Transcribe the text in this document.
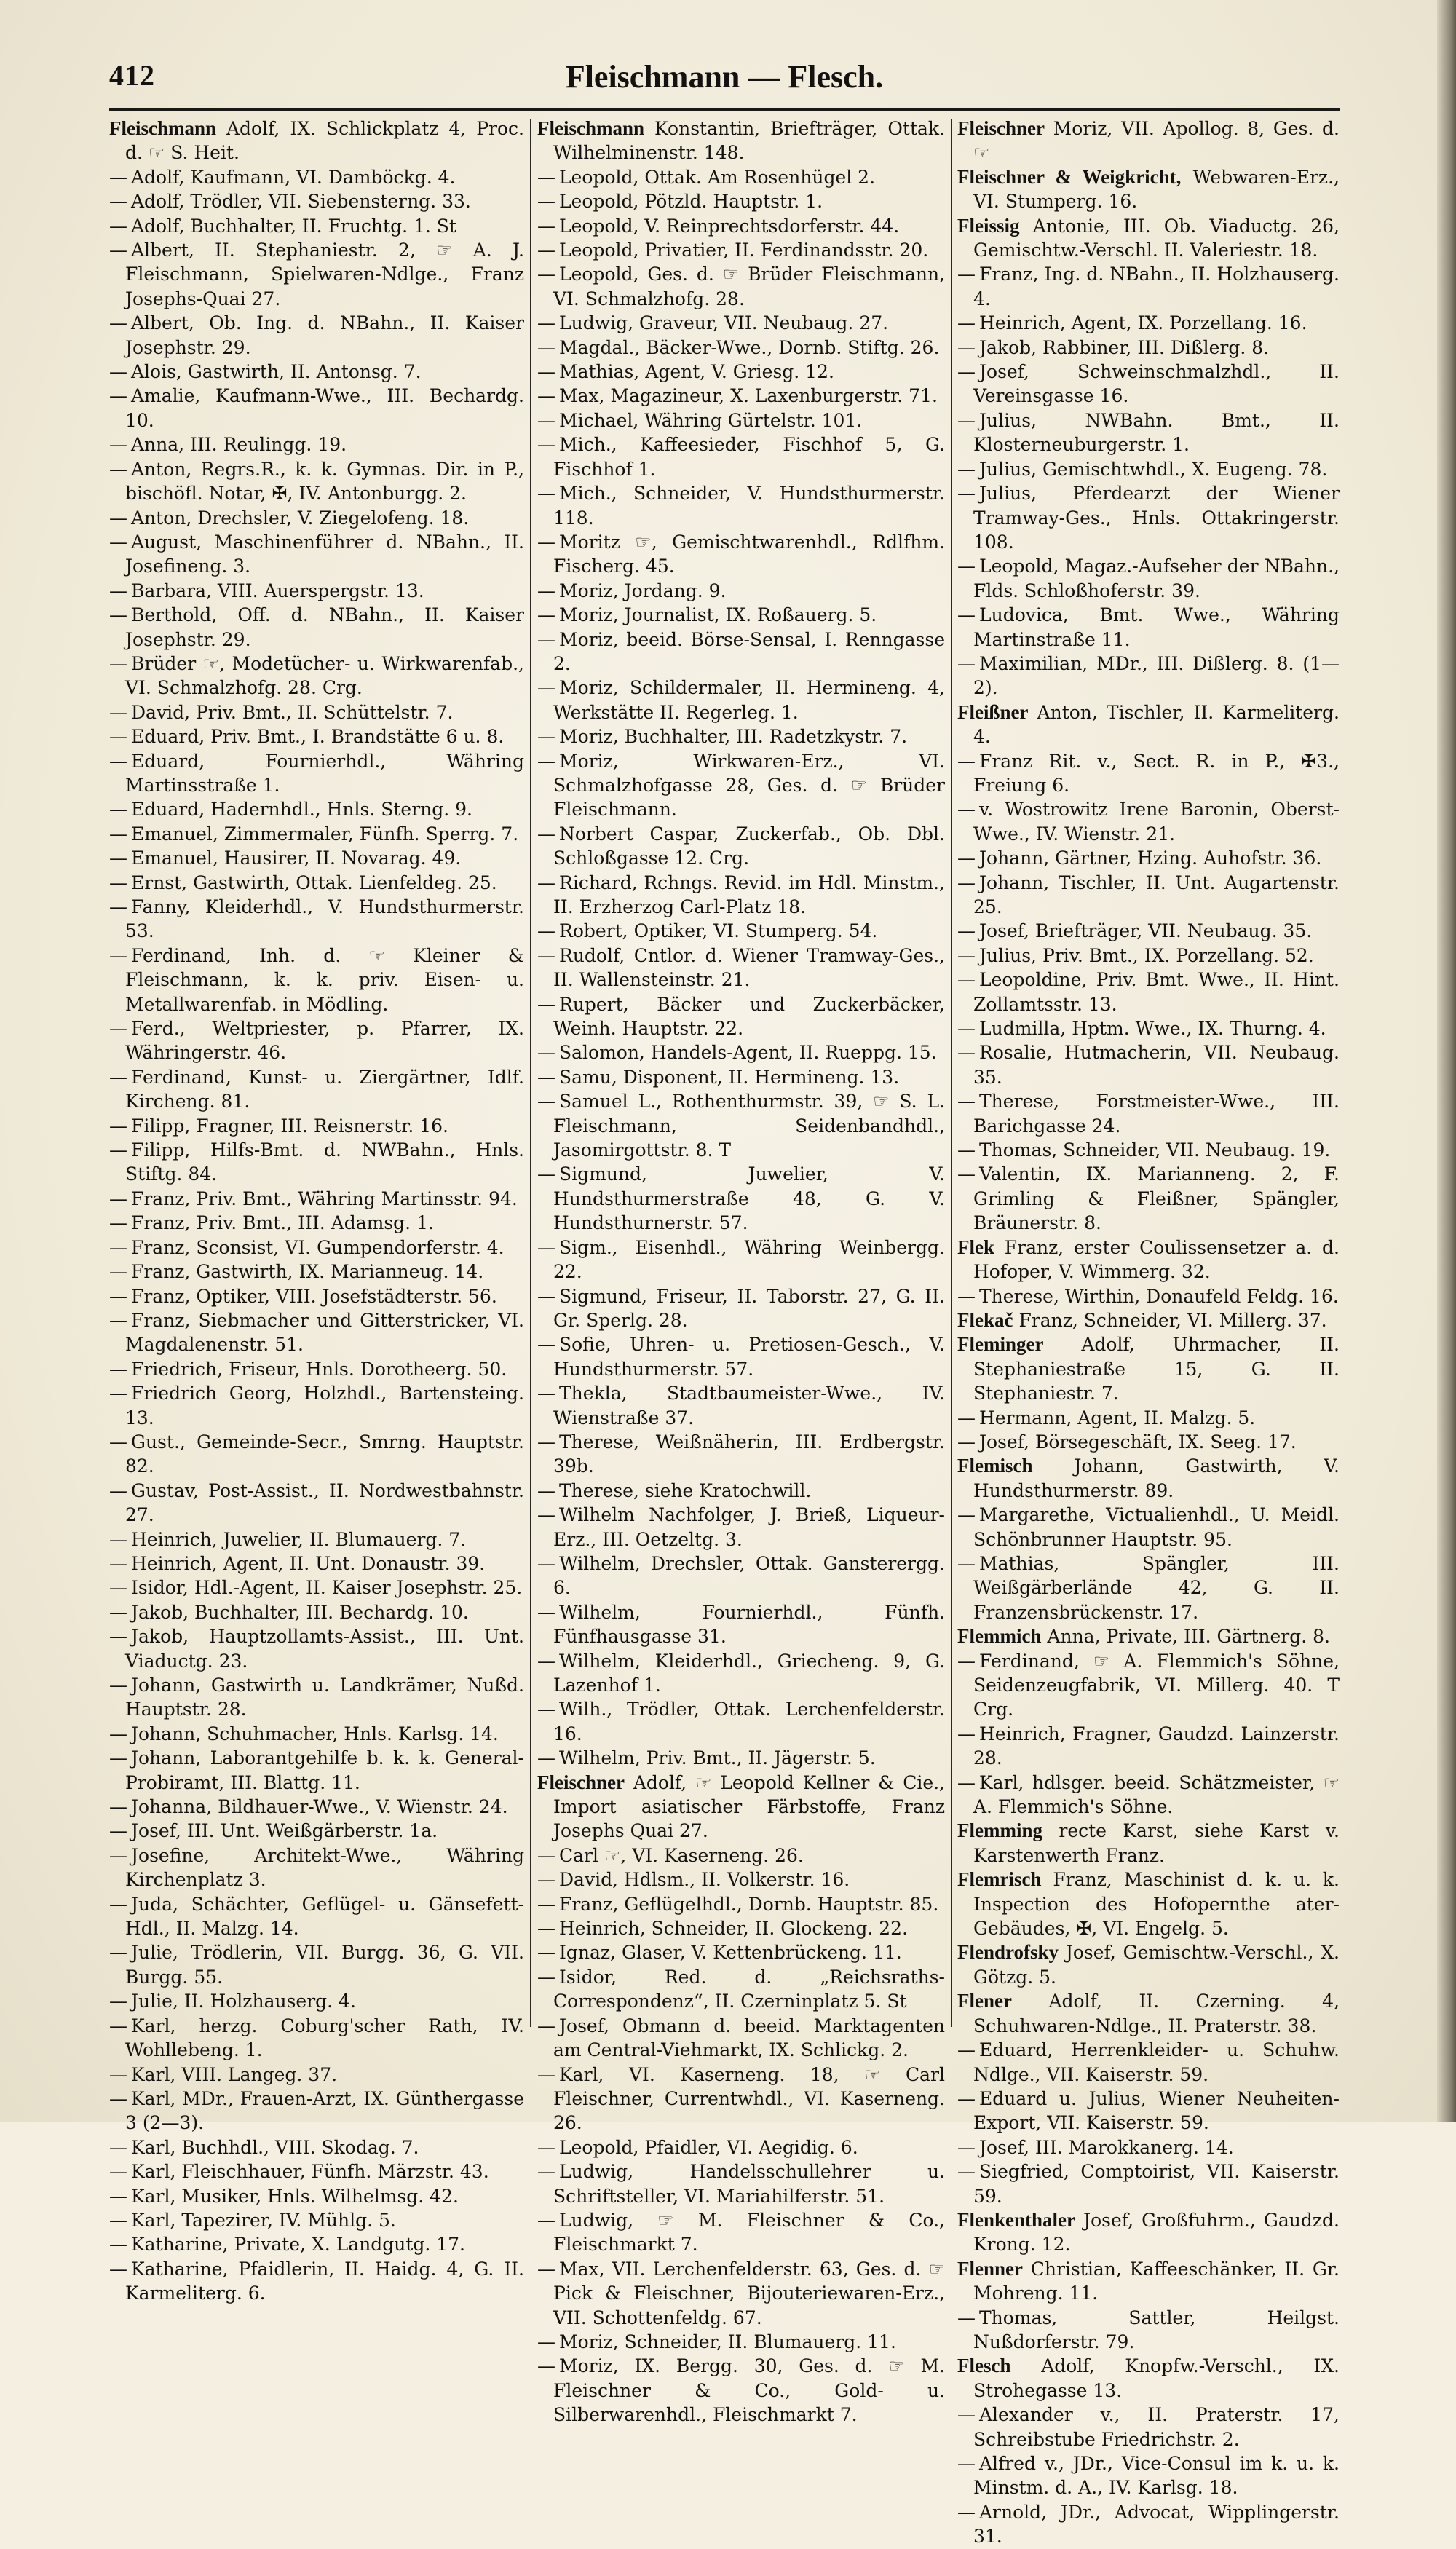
412	Fleischmann — Flesch.

Fleischmann Adolf, IX. Schlickplatz 4, Proc. d. ☞ S. Heit.

— Adolf, Kaufmann, VI. Damböckg. 4.

— Adolf, Trödler, VII. Siebensterng. 33.

— Adolf, Buchhalter, II. Fruchtg. 1. St

— Albert, II. Stephaniestr. 2, ☞ A. J. Fleischmann, Spielwaren-Ndlge., Franz Josephs-Quai 27.

— Albert, Ob. Ing. d. NBahn., II. Kaiser Josephstr. 29.

— Alois, Gastwirth, II. Antonsg. 7.

— Amalie, Kaufmann-Wwe., III. Bechardg. 10.

— Anna, III. Reulingg. 19.

— Anton, Regrs.R., k. k. Gymnas. Dir. in P., bischöfl. Notar, ✠, IV. Antonburgg. 2.

— Anton, Drechsler, V. Ziegelofeng. 18.

— August, Maschinenführer d. NBahn., II. Josefineng. 3.

— Barbara, VIII. Auerspergstr. 13.

— Berthold, Off. d. NBahn., II. Kaiser Josephstr. 29.

— Brüder ☞, Modetücher- u. Wirkwarenfab., VI. Schmalzhofg. 28. Crg.

— David, Priv. Bmt., II. Schüttelstr. 7.

— Eduard, Priv. Bmt., I. Brandstätte 6 u. 8.

— Eduard, Fournierhdl., Währing Martinsstraße 1.

— Eduard, Hadernhdl., Hnls. Sterng. 9.

— Emanuel, Zimmermaler, Fünfh. Sperrg. 7.

— Emanuel, Hausirer, II. Novarag. 49.

— Ernst, Gastwirth, Ottak. Lienfeldeg. 25.

— Fanny, Kleiderhdl., V. Hundsthurmerstr. 53.

— Ferdinand, Inh. d. ☞ Kleiner & Fleischmann, k. k. priv. Eisen- u. Metallwarenfab. in Mödling.

— Ferd., Weltpriester, p. Pfarrer, IX. Währingerstr. 46.

— Ferdinand, Kunst- u. Ziergärtner, Idlf. Kircheng. 81.

— Filipp, Fragner, III. Reisnerstr. 16.

— Filipp, Hilfs-Bmt. d. NWBahn., Hnls. Stiftg. 84.

— Franz, Priv. Bmt., Währing Martinsstr. 94.

— Franz, Priv. Bmt., III. Adamsg. 1.

— Franz, Sconsist, VI. Gumpendorferstr. 4.

— Franz, Gastwirth, IX. Marianneug. 14.

— Franz, Optiker, VIII. Josefstädterstr. 56.

— Franz, Siebmacher und Gitterstricker, VI. Magdalenenstr. 51.

— Friedrich, Friseur, Hnls. Dorotheerg. 50.

— Friedrich Georg, Holzhdl., Bartensteing. 13.

— Gust., Gemeinde-Secr., Smrng. Hauptstr. 82.

— Gustav, Post-Assist., II. Nordwestbahnstr. 27.

— Heinrich, Juwelier, II. Blumauerg. 7.

— Heinrich, Agent, II. Unt. Donaustr. 39.

— Isidor, Hdl.-Agent, II. Kaiser Josephstr. 25.

— Jakob, Buchhalter, III. Bechardg. 10.

— Jakob, Hauptzollamts-Assist., III. Unt. Viaductg. 23.

— Johann, Gastwirth u. Landkrämer, Nußd. Hauptstr. 28.

— Johann, Schuhmacher, Hnls. Karlsg. 14.

— Johann, Laborantgehilfe b. k. k. General-Probiramt, III. Blattg. 11.

— Johanna, Bildhauer-Wwe., V. Wienstr. 24.

— Josef, III. Unt. Weißgärberstr. 1a.

— Josefine, Architekt-Wwe., Währing Kirchenplatz 3.

— Juda, Schächter, Geflügel- u. Gänsefett-Hdl., II. Malzg. 14.

— Julie, Trödlerin, VII. Burgg. 36, G. VII. Burgg. 55.

— Julie, II. Holzhauserg. 4.

— Karl, herzg. Coburg'scher Rath, IV. Wohllebeng. 1.

— Karl, VIII. Langeg. 37.

— Karl, MDr., Frauen-Arzt, IX. Günthergasse 3 (2—3).

— Karl, Buchhdl., VIII. Skodag. 7.

— Karl, Fleischhauer, Fünfh. Märzstr. 43.

— Karl, Musiker, Hnls. Wilhelmsg. 42.

— Karl, Tapezirer, IV. Mühlg. 5.

— Katharine, Private, X. Landgutg. 17.

— Katharine, Pfaidlerin, II. Haidg. 4, G. II. Karmeliterg. 6.

Fleischmann Konstantin, Briefträger, Ottak. Wilhelminenstr. 148.

— Leopold, Ottak. Am Rosenhügel 2.

— Leopold, Pötzld. Hauptstr. 1.

— Leopold, V. Reinprechtsdorferstr. 44.

— Leopold, Privatier, II. Ferdinandsstr. 20.

— Leopold, Ges. d. ☞ Brüder Fleischmann, VI. Schmalzhofg. 28.

— Ludwig, Graveur, VII. Neubaug. 27.

— Magdal., Bäcker-Wwe., Dornb. Stiftg. 26.

— Mathias, Agent, V. Griesg. 12.

— Max, Magazineur, X. Laxenburgerstr. 71.

— Michael, Währing Gürtelstr. 101.

— Mich., Kaffeesieder, Fischhof 5, G. Fischhof 1.

— Mich., Schneider, V. Hundsthurmerstr. 118.

— Moritz ☞, Gemischtwarenhdl., Rdlfhm. Fischerg. 45.

— Moriz, Jordang. 9.

— Moriz, Journalist, IX. Roßauerg. 5.

— Moriz, beeid. Börse-Sensal, I. Renngasse 2.

— Moriz, Schildermaler, II. Hermineng. 4, Werkstätte II. Regerleg. 1.

— Moriz, Buchhalter, III. Radetzkystr. 7.

— Moriz, Wirkwaren-Erz., VI. Schmalzhofgasse 28, Ges. d. ☞ Brüder Fleischmann.

— Norbert Caspar, Zuckerfab., Ob. Dbl. Schloßgasse 12. Crg.

— Richard, Rchngs. Revid. im Hdl. Minstm., II. Erzherzog Carl-Platz 18.

— Robert, Optiker, VI. Stumperg. 54.

— Rudolf, Cntlor. d. Wiener Tramway-Ges., II. Wallensteinstr. 21.

— Rupert, Bäcker und Zuckerbäcker, Weinh. Hauptstr. 22.

— Salomon, Handels-Agent, II. Rueppg. 15.

— Samu, Disponent, II. Hermineng. 13.

— Samuel L., Rothenthurmstr. 39, ☞ S. L. Fleischmann, Seidenbandhdl., Jasomirgottstr. 8. T

— Sigmund, Juwelier, V. Hundsthurmerstraße 48, G. V. Hundsthurnerstr. 57.

— Sigm., Eisenhdl., Währing Weinbergg. 22.

— Sigmund, Friseur, II. Taborstr. 27, G. II. Gr. Sperlg. 28.

— Sofie, Uhren- u. Pretiosen-Gesch., V. Hundsthurmerstr. 57.

— Thekla, Stadtbaumeister-Wwe., IV. Wienstraße 37.

— Therese, Weißnäherin, III. Erdbergstr. 39b.

— Therese, siehe Kratochwill.

— Wilhelm Nachfolger, J. Brieß, Liqueur-Erz., III. Oetzeltg. 3.

— Wilhelm, Drechsler, Ottak. Gansterergg. 6.

— Wilhelm, Fournierhdl., Fünfh. Fünfhausgasse 31.

— Wilhelm, Kleiderhdl., Griecheng. 9, G. Lazenhof 1.

— Wilh., Trödler, Ottak. Lerchenfelderstr. 16.

— Wilhelm, Priv. Bmt., II. Jägerstr. 5.

Fleischner Adolf, ☞ Leopold Kellner & Cie., Import asiatischer Färbstoffe, Franz Josephs Quai 27.

— Carl ☞, VI. Kaserneng. 26.

— David, Hdlsm., II. Volkerstr. 16.

— Franz, Geflügelhdl., Dornb. Hauptstr. 85.

— Heinrich, Schneider, II. Glockeng. 22.

— Ignaz, Glaser, V. Kettenbrückeng. 11.

— Isidor, Red. d. „Reichsraths-Correspondenz“, II. Czerninplatz 5. St

— Josef, Obmann d. beeid. Marktagenten am Central-Viehmarkt, IX. Schlickg. 2.

— Karl, VI. Kaserneng. 18, ☞ Carl Fleischner, Currentwhdl., VI. Kaserneng. 26.

— Leopold, Pfaidler, VI. Aegidig. 6.

— Ludwig, Handelsschullehrer u. Schriftsteller, VI. Mariahilferstr. 51.

— Ludwig, ☞ M. Fleischner & Co., Fleischmarkt 7.

— Max, VII. Lerchenfelderstr. 63, Ges. d. ☞ Pick & Fleischner, Bijouteriewaren-Erz., VII. Schottenfeldg. 67.

— Moriz, Schneider, II. Blumauerg. 11.

— Moriz, IX. Bergg. 30, Ges. d. ☞ M. Fleischner & Co., Gold- u. Silberwarenhdl., Fleischmarkt 7.

Fleischner Moriz, VII. Apollog. 8, Ges. d. ☞

Fleischner & Weigkricht, Webwaren-Erz., VI. Stumperg. 16.

Fleissig Antonie, III. Ob. Viaductg. 26, Gemischtw.-Verschl. II. Valeriestr. 18.

— Franz, Ing. d. NBahn., II. Holzhauserg. 4.

— Heinrich, Agent, IX. Porzellang. 16.

— Jakob, Rabbiner, III. Dißlerg. 8.

— Josef, Schweinschmalzhdl., II. Vereinsgasse 16.

— Julius, NWBahn. Bmt., II. Klosterneuburgerstr. 1.

— Julius, Gemischtwhdl., X. Eugeng. 78.

— Julius, Pferdearzt der Wiener Tramway-Ges., Hnls. Ottakringerstr. 108.

— Leopold, Magaz.-Aufseher der NBahn., Flds. Schloßhoferstr. 39.

— Ludovica, Bmt. Wwe., Währing Martinstraße 11.

— Maximilian, MDr., III. Dißlerg. 8. (1—2).

Fleißner Anton, Tischler, II. Karmeliterg. 4.

— Franz Rit. v., Sect. R. in P., ✠3., Freiung 6.

— v. Wostrowitz Irene Baronin, Oberst-Wwe., IV. Wienstr. 21.

— Johann, Gärtner, Hzing. Auhofstr. 36.

— Johann, Tischler, II. Unt. Augartenstr. 25.

— Josef, Briefträger, VII. Neubaug. 35.

— Julius, Priv. Bmt., IX. Porzellang. 52.

— Leopoldine, Priv. Bmt. Wwe., II. Hint. Zollamtsstr. 13.

— Ludmilla, Hptm. Wwe., IX. Thurng. 4.

— Rosalie, Hutmacherin, VII. Neubaug. 35.

— Therese, Forstmeister-Wwe., III. Barichgasse 24.

— Thomas, Schneider, VII. Neubaug. 19.

— Valentin, IX. Marianneng. 2, F. Grimling & Fleißner, Spängler, Bräunerstr. 8.

Flek Franz, erster Coulissensetzer a. d. Hofoper, V. Wimmerg. 32.

— Therese, Wirthin, Donaufeld Feldg. 16.

Flekač Franz, Schneider, VI. Millerg. 37.

Fleminger Adolf, Uhrmacher, II. Stephaniestraße 15, G. II. Stephaniestr. 7.

— Hermann, Agent, II. Malzg. 5.

— Josef, Börsegeschäft, IX. Seeg. 17.

Flemisch Johann, Gastwirth, V. Hundsthurmerstr. 89.

— Margarethe, Victualienhdl., U. Meidl. Schönbrunner Hauptstr. 95.

— Mathias, Spängler, III. Weißgärberlände 42, G. II. Franzensbrückenstr. 17.

Flemmich Anna, Private, III. Gärtnerg. 8.

— Ferdinand, ☞ A. Flemmich's Söhne, Seidenzeugfabrik, VI. Millerg. 40. T Crg.

— Heinrich, Fragner, Gaudzd. Lainzerstr. 28.

— Karl, hdlsger. beeid. Schätzmeister, ☞ A. Flemmich's Söhne.

Flemming recte Karst, siehe Karst v. Karstenwerth Franz.

Flemrisch Franz, Maschinist d. k. u. k. Inspection des Hofopernthe ater-Gebäudes, ✠, VI. Engelg. 5.

Flendrofsky Josef, Gemischtw.-Verschl., X. Götzg. 5.

Flener Adolf, II. Czerning. 4, Schuhwaren-Ndlge., II. Praterstr. 38.

— Eduard, Herrenkleider- u. Schuhw. Ndlge., VII. Kaiserstr. 59.

— Eduard u. Julius, Wiener Neuheiten-Export, VII. Kaiserstr. 59.

— Josef, III. Marokkanerg. 14.

— Siegfried, Comptoirist, VII. Kaiserstr. 59.

Flenkenthaler Josef, Großfuhrm., Gaudzd. Krong. 12.

Flenner Christian, Kaffeeschänker, II. Gr. Mohreng. 11.

— Thomas, Sattler, Heilgst. Nußdorferstr. 79.

Flesch Adolf, Knopfw.-Verschl., IX. Strohegasse 13.

— Alexander v., II. Praterstr. 17, Schreibstube Friedrichstr. 2.

— Alfred v., JDr., Vice-Consul im k. u. k. Minstm. d. A., IV. Karlsg. 18.

— Arnold, JDr., Advocat, Wipplingerstr. 31.
